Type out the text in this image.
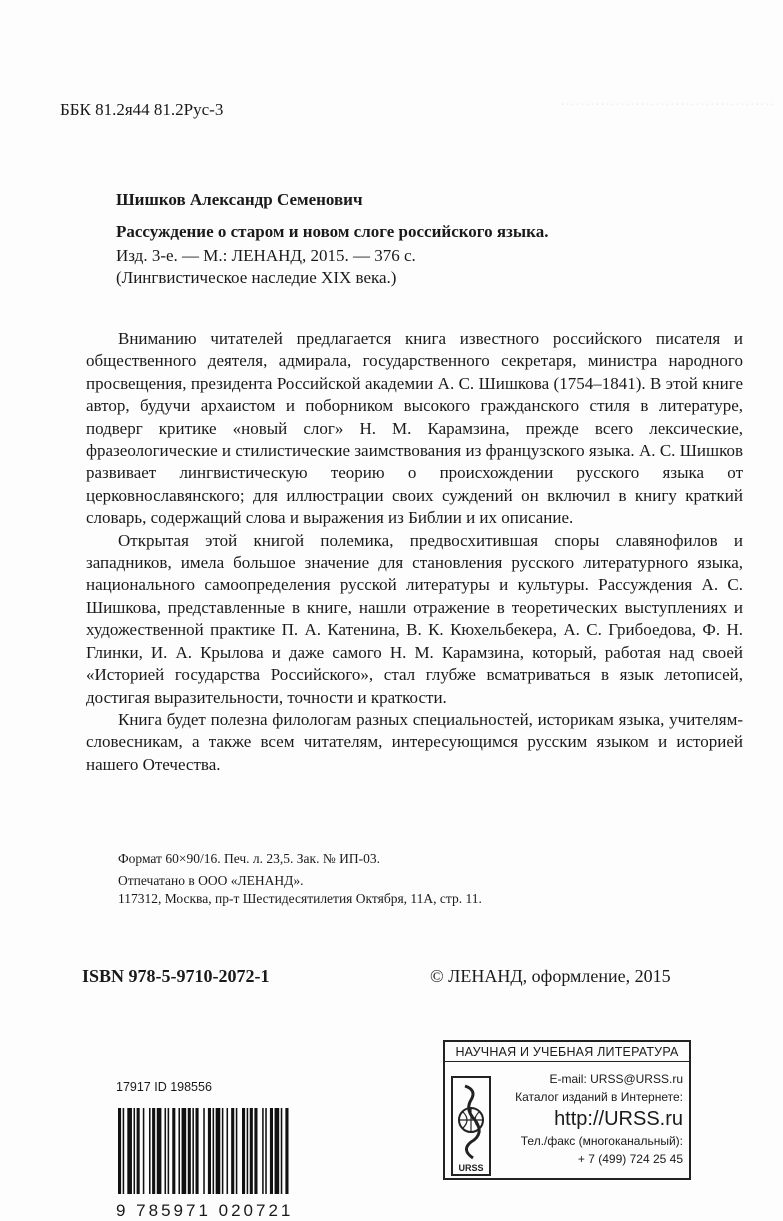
···········································
ББК 81.2я44 81.2Рус-3
Шишков Александр Семенович
Рассуждение о старом и новом слоге российского языка.
Изд. 3-е. — М.: ЛЕНАНД, 2015. — 376 с.
(Лингвистическое наследие XIX века.)

Вниманию читателей предлагается книга известного российского писателя и общественного деятеля, адмирала, государственного секретаря, министра народного просвещения, президента Российской академии А. С. Шишкова (1754–1841). В этой книге автор, будучи архаистом и поборником высокого гражданского стиля в литературе, подверг критике «новый слог» Н. М. Карамзина, прежде всего лексические, фразеологические и стилистические заимствования из французского языка. А. С. Шишков развивает лингвистическую теорию о происхождении русского языка от церковнославянского; для иллюстрации своих суждений он включил в книгу краткий словарь, содержащий слова и выражения из Библии и их описание.

Открытая этой книгой полемика, предвосхитившая споры славянофилов и западников, имела большое значение для становления русского литературного языка, национального самоопределения русской литературы и культуры. Рассуждения А. С. Шишкова, представленные в книге, нашли отражение в теоретических выступлениях и художественной практике П. А. Катенина, В. К. Кюхельбекера, А. С. Грибоедова, Ф. Н. Глинки, И. А. Крылова и даже самого Н. М. Карамзина, который, работая над своей «Историей государства Российского», стал глубже всматриваться в язык летописей, достигая выразительности, точности и краткости.

Книга будет полезна филологам разных специальностей, историкам языка, учителям-словесникам, а также всем читателям, интересующимся русским языком и историей нашего Отечества.

Формат 60×90/16. Печ. л. 23,5. Зак. № ИП-03.
Отпечатано в ООО «ЛЕНАНД».
117312, Москва, пр-т Шестидесятилетия Октября, 11А, стр. 11.
ISBN 978-5-9710-2072-1	© ЛЕНАНД, оформление, 2015
17917 ID 198556
9 785971 020721
НАУЧНАЯ И УЧЕБНАЯ ЛИТЕРАТУРА
URSS
E-mail: URSS@URSS.ru
Каталог изданий в Интернете:
http://URSS.ru
Тел./факс (многоканальный):
+ 7 (499) 724 25 45
